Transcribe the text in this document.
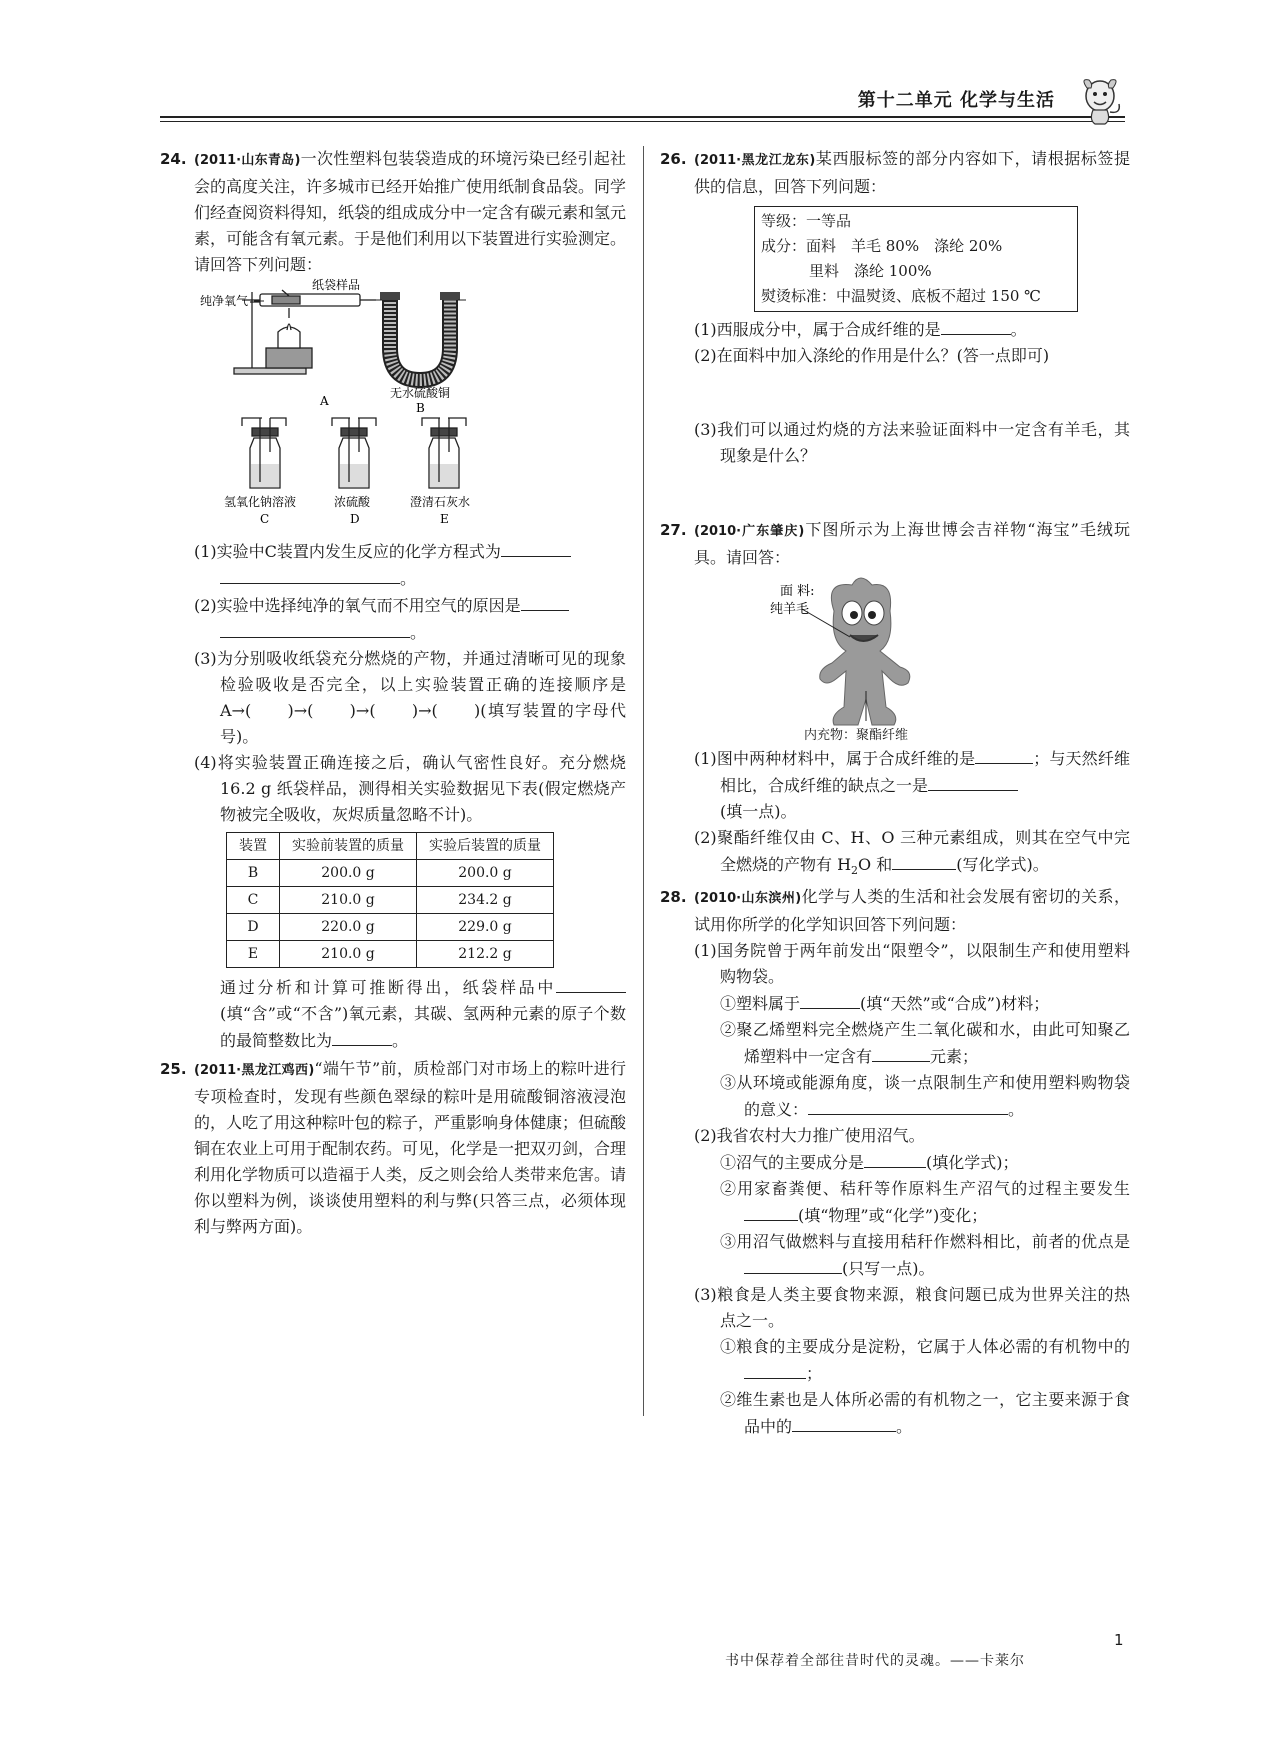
第十二单元 化学与生活
24. (2011·山东青岛)一次性塑料包装袋造成的环境污染已经引起社会的高度关注，许多城市已经开始推广使用纸制食品袋。同学们经查阅资料得知，纸袋的组成成分中一定含有碳元素和氢元素，可能含有氧元素。于是他们利用以下装置进行实验测定。请回答下列问题：
纯净氧气
纸袋样品
A
无水硫酸铜
B
氢氧化钠溶液	浓硫酸	澄清石灰水
C	D	E
(1)实验中C装置内发生反应的化学方程式为
。
(2)实验中选择纯净的氧气而不用空气的原因是
。
(3)为分别吸收纸袋充分燃烧的产物，并通过清晰可见的现象检验吸收是否完全，以上实验装置正确的连接顺序是 A→(　　)→(　　)→(　　)→(　　)(填写装置的字母代号)。
(4)将实验装置正确连接之后，确认气密性良好。充分燃烧 16.2 g 纸袋样品，测得相关实验数据见下表(假定燃烧产物被完全吸收，灰烬质量忽略不计)。
装置	实验前装置的质量	实验后装置的质量
B	200.0 g	200.0 g
C	210.0 g	234.2 g
D	220.0 g	229.0 g
E	210.0 g	212.2 g
通过分析和计算可推断得出，纸袋样品中(填“含”或“不含”)氧元素，其碳、氢两种元素的原子个数的最简整数比为	。
25. (2011·黑龙江鸡西)“端午节”前，质检部门对市场上的粽叶进行专项检查时，发现有些颜色翠绿的粽叶是用硫酸铜溶液浸泡的，人吃了用这种粽叶包的粽子，严重影响身体健康；但硫酸铜在农业上可用于配制农药。可见，化学是一把双刃剑，合理利用化学物质可以造福于人类，反之则会给人类带来危害。请你以塑料为例，谈谈使用塑料的利与弊(只答三点，必须体现利与弊两方面)。
26. (2011·黑龙江龙东)某西服标签的部分内容如下，请根据标签提供的信息，回答下列问题：
等级：一等品
成分：面料　羊毛 80%　涤纶 20%
里料　涤纶 100%
熨烫标准：中温熨烫、底板不超过 150 ℃
(1)西服成分中，属于合成纤维的是	。
(2)在面料中加入涤纶的作用是什么？(答一点即可)
(3)我们可以通过灼烧的方法来验证面料中一定含有羊毛，其现象是什么？
27. (2010·广东肇庆)下图所示为上海世博会吉祥物“海宝”毛绒玩具。请回答：
面 料:
纯羊毛
内充物：聚酯纤维
(1)图中两种材料中，属于合成纤维的是	；与天然纤维相比，合成纤维的缺点之一是
(填一点)。
(2)聚酯纤维仅由 C、H、O 三种元素组成，则其在空气中完全燃烧的产物有 $H_2O$ 和	(写化学式)。
28. (2010·山东滨州)化学与人类的生活和社会发展有密切的关系，试用你所学的化学知识回答下列问题：
(1)国务院曾于两年前发出“限塑令”，以限制生产和使用塑料购物袋。
①塑料属于	(填“天然”或“合成”)材料；
②聚乙烯塑料完全燃烧产生二氧化碳和水，由此可知聚乙烯塑料中一定含有	元素；
③从环境或能源角度，谈一点限制生产和使用塑料购物袋的意义：	。
(2)我省农村大力推广使用沼气。
①沼气的主要成分是	(填化学式)；
②用家畜粪便、秸秆等作原料生产沼气的过程主要发生(填“物理”或“化学”)变化；
③用沼气做燃料与直接用秸秆作燃料相比，前者的优点是(只写一点)。
(3)粮食是人类主要食物来源，粮食问题已成为世界关注的热点之一。
①粮食的主要成分是淀粉，它属于人体必需的有机物中的；
②维生素也是人体所必需的有机物之一，它主要来源于食品中的	。
1
书中保荐着全部往昔时代的灵魂。——卡莱尔
